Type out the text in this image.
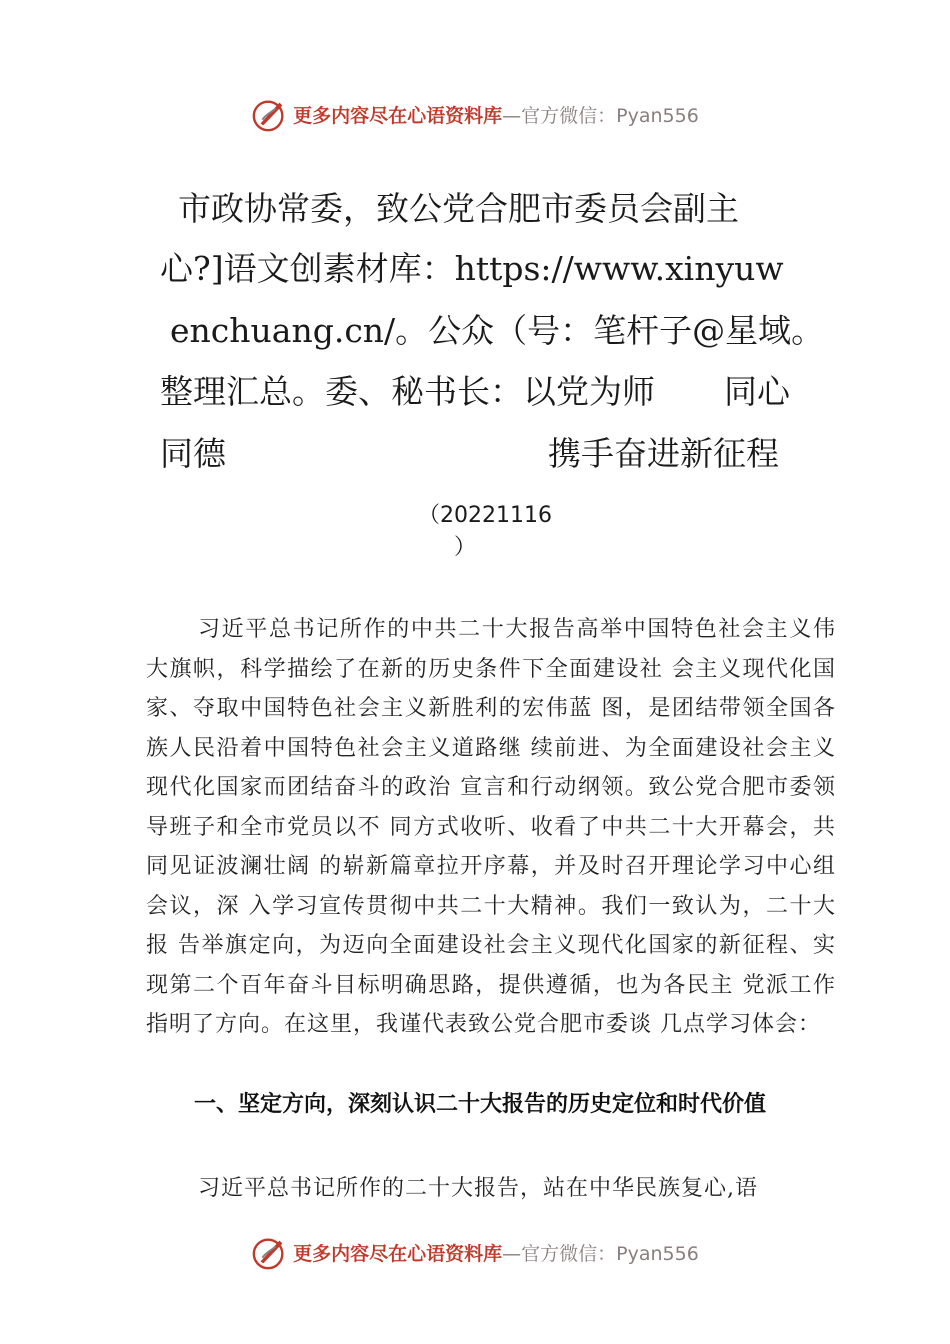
更多内容尽在心语资料库 —官方微信：Pyan556
市政协常委，致公党合肥市委员会副主
心?]语文创素材库：https://www.xinyuw
enchuang.cn/。公众（号：笔杆子@星域。
整理汇总。委、秘书长：以党为师 同心
同德	携手奋进新征程
（20221116
）

习近平总书记所作的中共二十大报告高举中国特色社会主义伟大旗帜，科学描绘了在新的历史条件下全面建设社 会主义现代化国家、夺取中国特色社会主义新胜利的宏伟蓝 图，是团结带领全国各族人民沿着中国特色社会主义道路继 续前进、为全面建设社会主义现代化国家而团结奋斗的政治 宣言和行动纲领。致公党合肥市委领导班子和全市党员以不 同方式收听、收看了中共二十大开幕会，共同见证波澜壮阔 的崭新篇章拉开序幕，并及时召开理论学习中心组会议，深 入学习宣传贯彻中共二十大精神。我们一致认为，二十大报 告举旗定向，为迈向全面建设社会主义现代化国家的新征程、实现第二个百年奋斗目标明确思路，提供遵循，也为各民主 党派工作指明了方向。在这里，我谨代表致公党合肥市委谈 几点学习体会：

一、坚定方向，深刻认识二十大报告的历史定位和时代价值

习近平总书记所作的二十大报告，站在中华民族复心,语

更多内容尽在心语资料库 —官方微信：Pyan556
